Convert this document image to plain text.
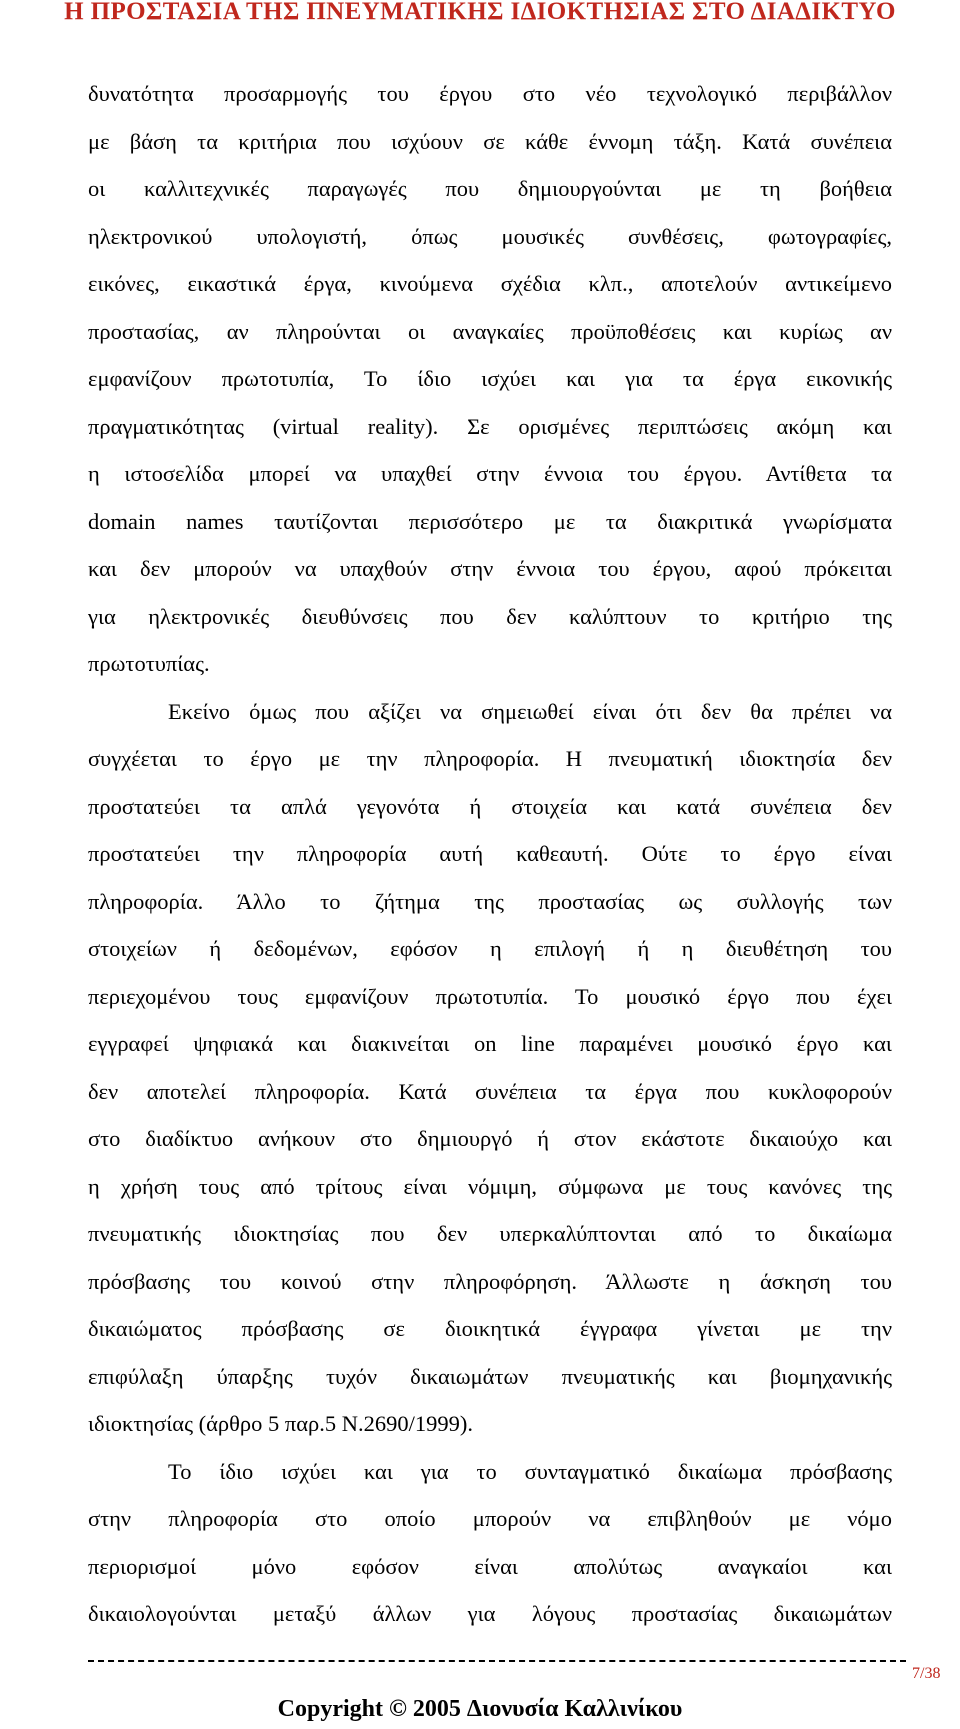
Η ΠΡΟΣΤΑΣΙΑ ΤΗΣ ΠΝΕΥΜΑΤΙΚΗΣ ΙΔΙΟΚΤΗΣΙΑΣ ΣΤΟ ΔΙΑΔΙΚΤΥΟ
δυνατότητα προσαρμογής του έργου στο νέο τεχνολογικό περιβάλλον
με βάση τα κριτήρια που ισχύουν σε κάθε έννομη τάξη. Κατά συνέπεια
οι καλλιτεχνικές παραγωγές που δημιουργούνται με τη βοήθεια
ηλεκτρονικού υπολογιστή, όπως μουσικές συνθέσεις, φωτογραφίες,
εικόνες, εικαστικά έργα, κινούμενα σχέδια κλπ., αποτελούν αντικείμενο
προστασίας, αν πληρούνται οι αναγκαίες προϋποθέσεις και κυρίως αν
εμφανίζουν πρωτοτυπία, Το ίδιο ισχύει και για τα έργα εικονικής
πραγματικότητας (virtual reality). Σε ορισμένες περιπτώσεις ακόμη και
η ιστοσελίδα μπορεί να υπαχθεί στην έννοια του έργου. Αντίθετα τα
domain names ταυτίζονται περισσότερο με τα διακριτικά γνωρίσματα
και δεν μπορούν να υπαχθούν στην έννοια του έργου, αφού πρόκειται
για ηλεκτρονικές διευθύνσεις που δεν καλύπτουν το κριτήριο της
πρωτοτυπίας.
Εκείνο όμως που αξίζει να σημειωθεί είναι ότι δεν θα πρέπει να
συγχέεται το έργο με την πληροφορία. Η πνευματική ιδιοκτησία δεν
προστατεύει τα απλά γεγονότα ή στοιχεία και κατά συνέπεια δεν
προστατεύει την πληροφορία αυτή καθεαυτή. Ούτε το έργο είναι
πληροφορία. Άλλο το ζήτημα της προστασίας ως συλλογής των
στοιχείων ή δεδομένων, εφόσον η επιλογή ή η διευθέτηση του
περιεχομένου τους εμφανίζουν πρωτοτυπία. Το μουσικό έργο που έχει
εγγραφεί ψηφιακά και διακινείται on line παραμένει μουσικό έργο και
δεν αποτελεί πληροφορία. Κατά συνέπεια τα έργα που κυκλοφορούν
στο διαδίκτυο ανήκουν στο δημιουργό ή στον εκάστοτε δικαιούχο και
η χρήση τους από τρίτους είναι νόμιμη, σύμφωνα με τους κανόνες της
πνευματικής ιδιοκτησίας που δεν υπερκαλύπτονται από το δικαίωμα
πρόσβασης του κοινού στην πληροφόρηση. Άλλωστε η άσκηση του
δικαιώματος πρόσβασης σε διοικητικά έγγραφα γίνεται με την
επιφύλαξη ύπαρξης τυχόν δικαιωμάτων πνευματικής και βιομηχανικής
ιδιοκτησίας (άρθρο 5 παρ.5 Ν.2690/1999).
Το ίδιο ισχύει και για το συνταγματικό δικαίωμα πρόσβασης
στην πληροφορία στο οποίο μπορούν να επιβληθούν με νόμο
περιορισμοί μόνο εφόσον είναι απολύτως αναγκαίοι και
δικαιολογούνται μεταξύ άλλων για λόγους προστασίας δικαιωμάτων
7/38
Copyright © 2005 Διονυσία Καλλινίκου
